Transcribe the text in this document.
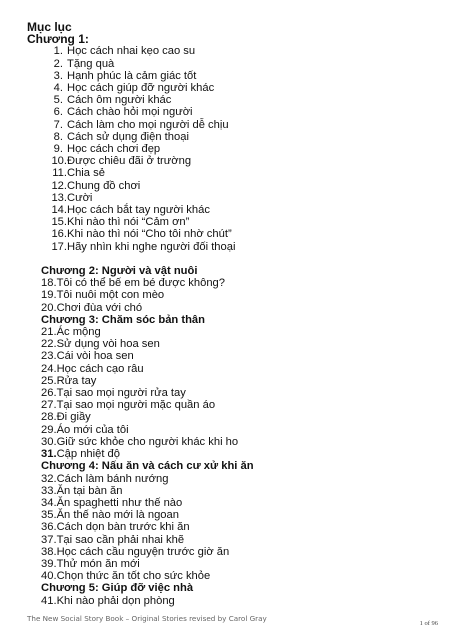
Mục lục
Chương 1:
1. Học cách nhai kẹo cao su
2. Tặng quà
3. Hạnh phúc là cảm giác tốt
4. Học cách giúp đỡ người khác
5. Cách ôm người khác
6. Cách chào hỏi mọi người
7. Cách làm cho mọi người dễ chịu
8. Cách sử dụng điện thoại
9. Học cách chơi đẹp
10.Được chiêu đãi ở trường
11.Chia sẻ
12.Chung đồ chơi
13.Cười
14.Học cách bắt tay người khác
15.Khi nào thì nói “Cảm ơn”
16.Khi nào thì nói “Cho tôi nhờ chút”
17.Hãy nhìn khi nghe người đối thoại
Chương 2: Người và vật nuôi
18.Tôi có thể bế em bé được không?
19.Tôi nuôi một con mèo
20.Chơi đùa với chó
Chương 3: Chăm sóc bản thân
21.Ác mộng
22.Sử dụng vòi hoa sen
23.Cái vòi hoa sen
24.Học cách cạo râu
25.Rửa tay
26.Tại sao mọi người rửa tay
27.Tại sao mọi người mặc quần áo
28.Đi giầy
29.Áo mới của tôi
30.Giữ sức khỏe cho người khác khi ho
31.Cập nhiệt độ
Chương 4: Nấu ăn và cách cư xử khi ăn
32.Cách làm bánh nướng
33.Ăn tại bàn ăn
34.Ăn spaghetti như thế nào
35.Ăn thế nào mới là ngoan
36.Cách dọn bàn trước khi ăn
37.Tại sao cần phải nhai khẽ
38.Học cách cầu nguyện trước giờ ăn
39.Thử món ăn mới
40.Chọn thức ăn tốt cho sức khỏe
Chương 5: Giúp đỡ việc nhà
41.Khi nào phải dọn phòng
The New Social Story Book – Original Stories revised by Carol Gray
1 of 96
